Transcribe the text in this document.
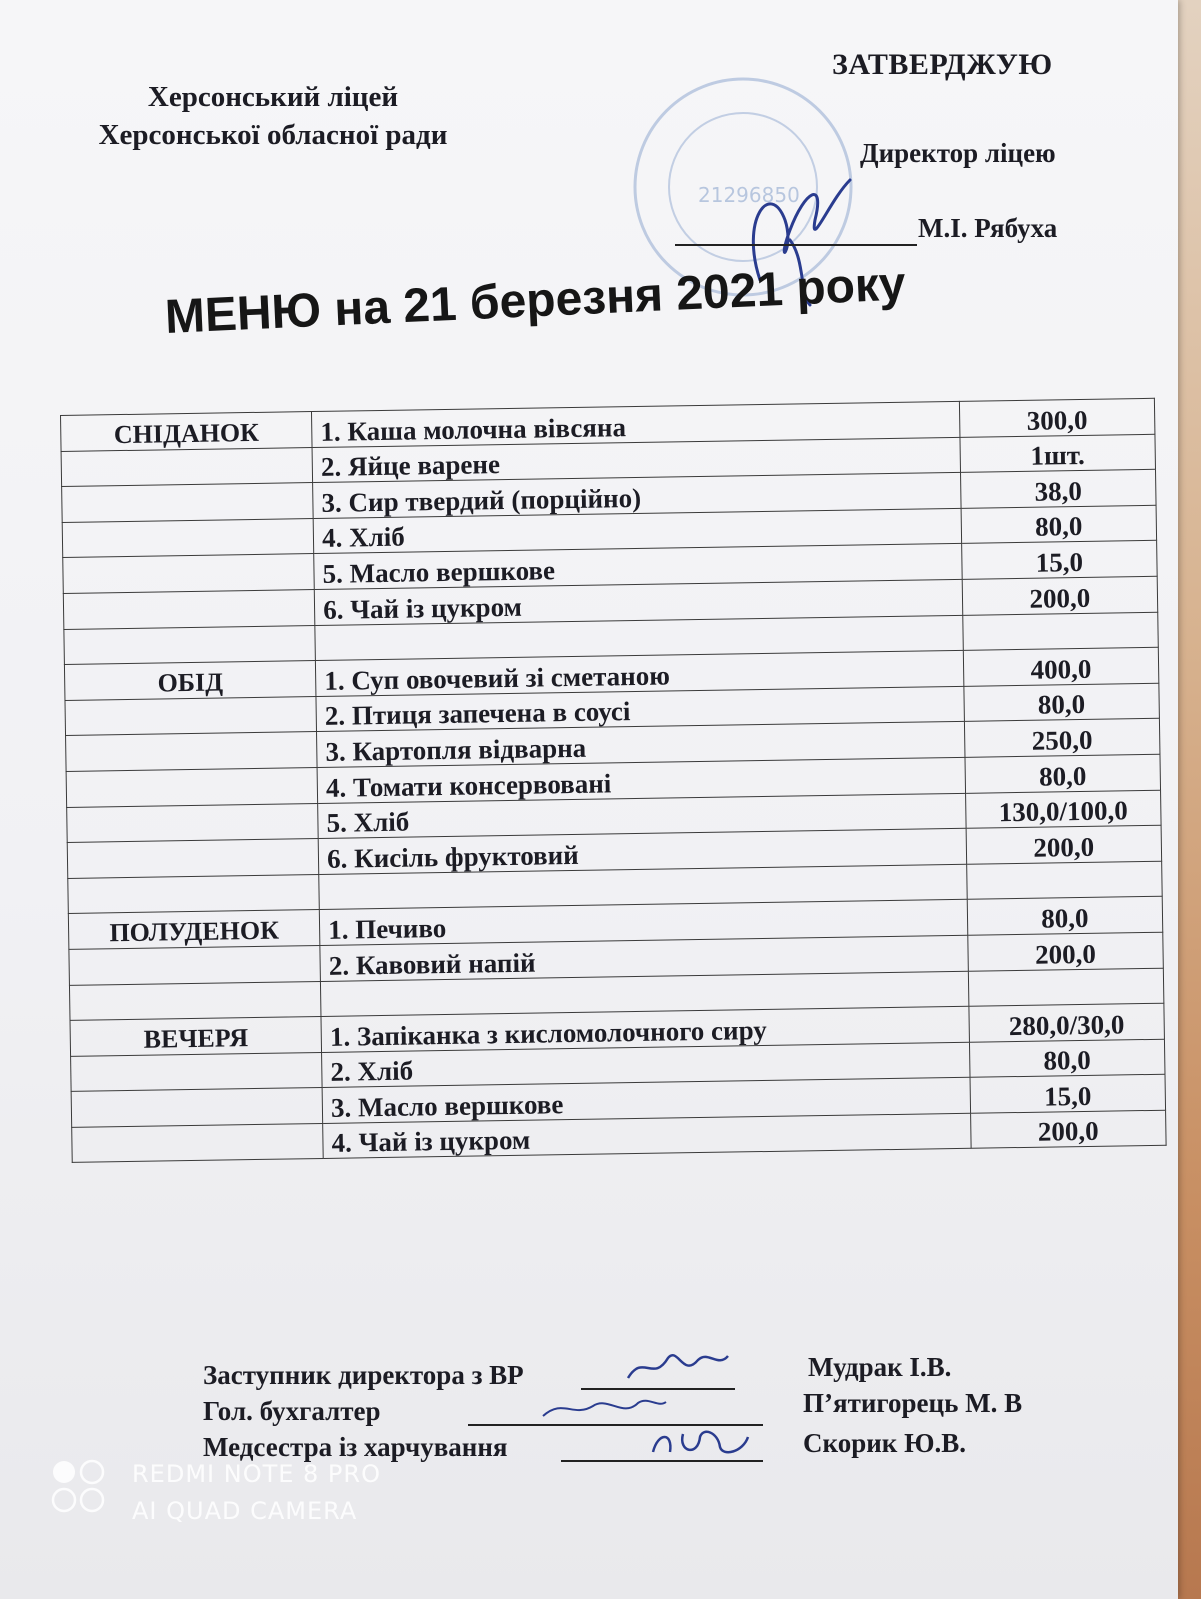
Херсонський ліцей
Херсонської обласної ради
21296850
ЗАТВЕРДЖУЮ
Директор ліцею
М.І. Рябуха
МЕНЮ на 21 березня 2021 року
СНІДАНОК	1. Каша молочна вівсяна	300,0
	2. Яйце варене	1шт.
	3. Сир твердий (порційно)	38,0
	4. Хліб	80,0
	5. Масло вершкове	15,0
	6. Чай із цукром	200,0

ОБІД	1. Суп овочевий зі сметаною	400,0
	2. Птиця запечена в соусі	80,0
	3. Картопля відварна	250,0
	4. Томати консервовані	80,0
	5. Хліб	130,0/100,0
	6. Кисіль фруктовий	200,0

ПОЛУДЕНОК	1. Печиво	80,0
	2. Кавовий напій	200,0

ВЕЧЕРЯ	1. Запіканка з кисломолочного сиру	280,0/30,0
	2. Хліб	80,0
	3. Масло вершкове	15,0
	4. Чай із цукром	200,0
Заступник директора з ВР	Мудрак І.В.
Гол. бухгалтер	П’ятигорець М. В
Медсестра із харчування	Скорик Ю.В.
REDMI NOTE 8 PRO
AI QUAD CAMERA
